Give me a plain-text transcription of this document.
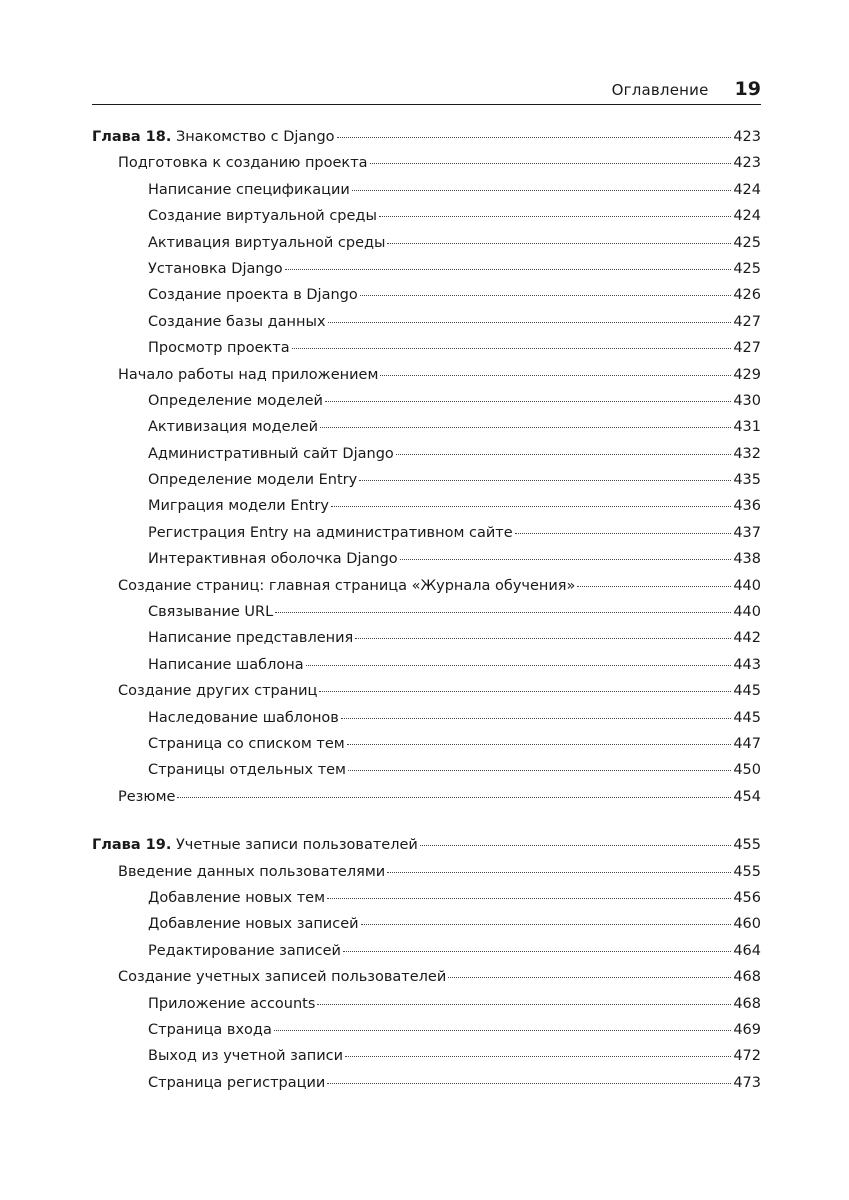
Оглавление 19
Глава 18. Знакомство с Django	423
Подготовка к созданию проекта	423
Написание спецификации	424
Создание виртуальной среды	424
Активация виртуальной среды	425
Установка Django	425
Создание проекта в Django	426
Создание базы данных	427
Просмотр проекта	427
Начало работы над приложением	429
Определение моделей	430
Активизация моделей	431
Административный сайт Django	432
Определение модели Entry	435
Миграция модели Entry	436
Регистрация Entry на административном сайте	437
Интерактивная оболочка Django	438
Создание страниц: главная страница «Журнала обучения»	440
Связывание URL	440
Написание представления	442
Написание шаблона	443
Создание других страниц	445
Наследование шаблонов	445
Страница со списком тем	447
Страницы отдельных тем	450
Резюме	454
Глава 19. Учетные записи пользователей	455
Введение данных пользователями	455
Добавление новых тем	456
Добавление новых записей	460
Редактирование записей	464
Создание учетных записей пользователей	468
Приложение accounts	468
Страница входа	469
Выход из учетной записи	472
Страница регистрации	473
